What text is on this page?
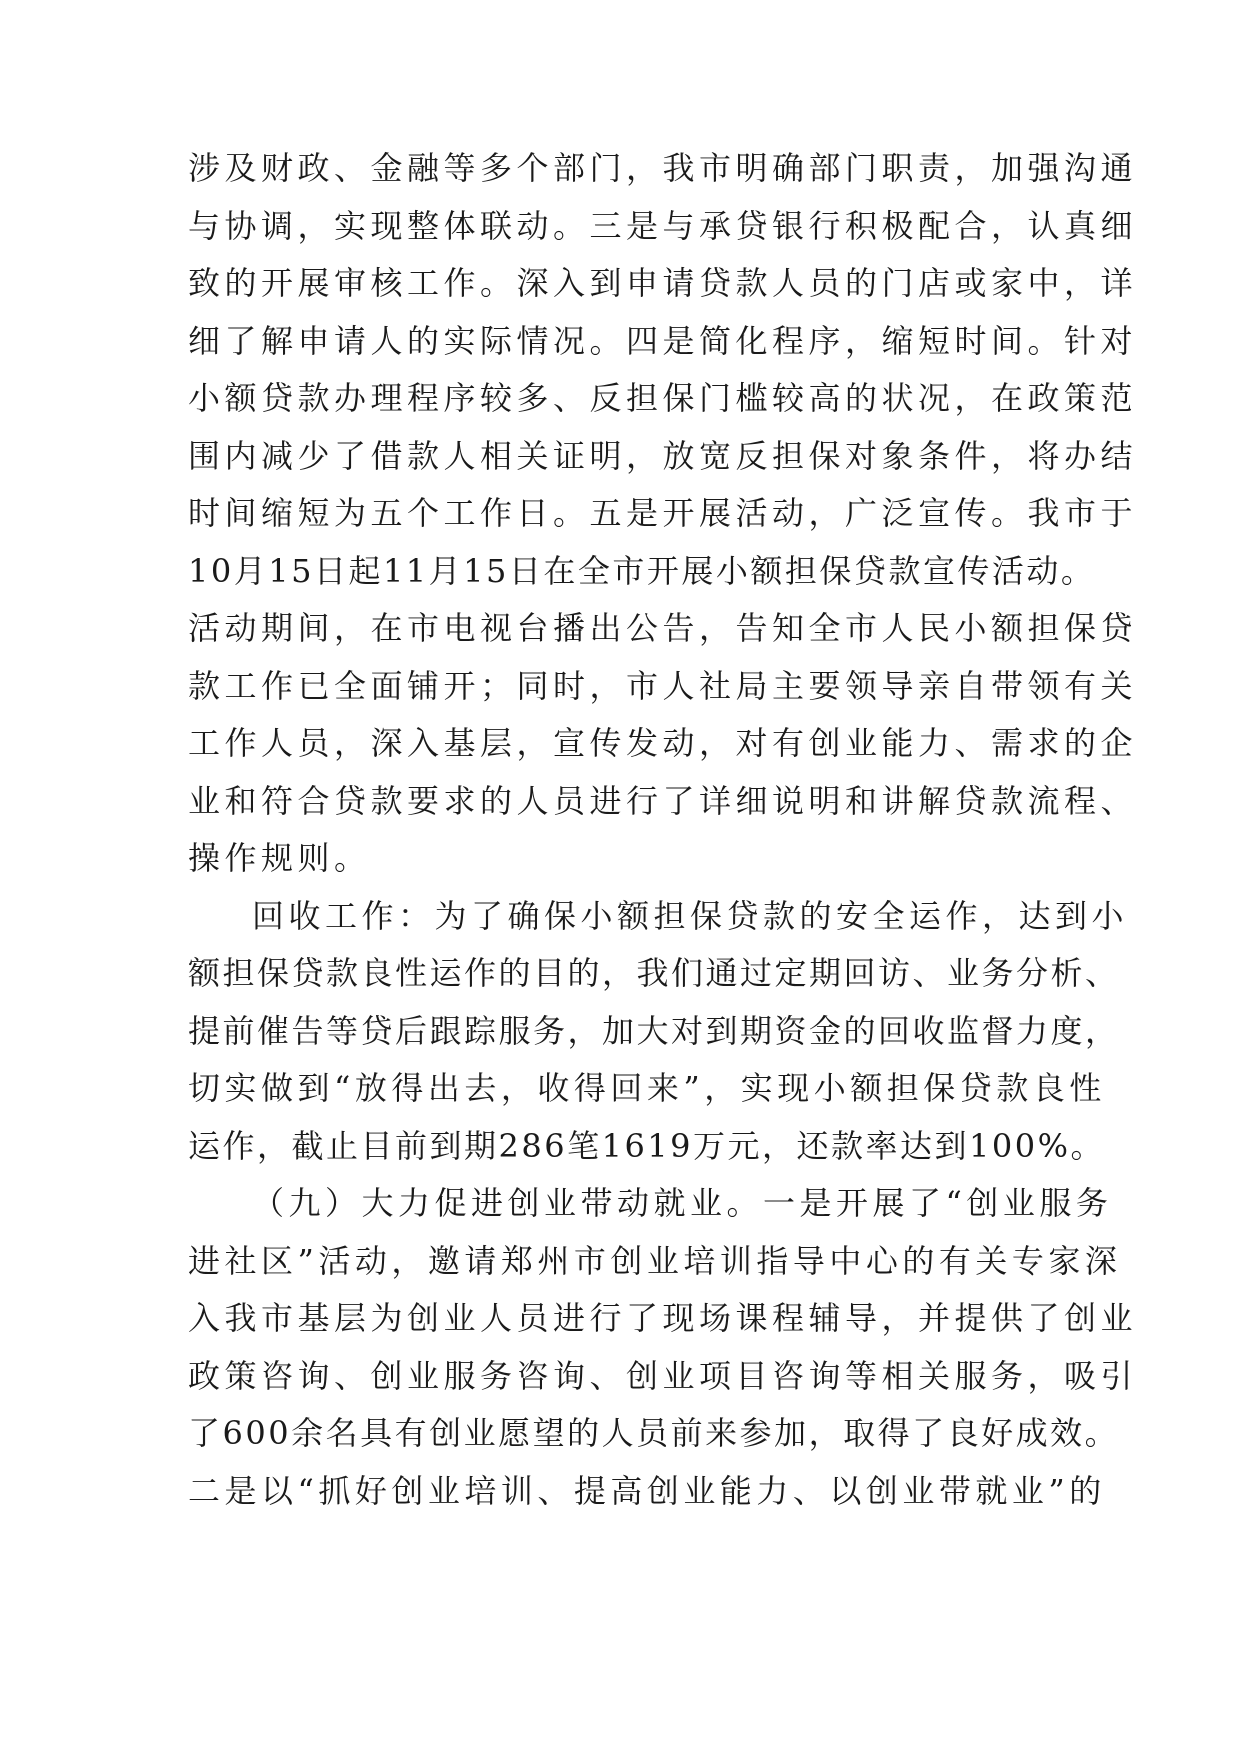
涉及财政、金融等多个部门，我市明确部门职责，加强沟通
与协调，实现整体联动。三是与承贷银行积极配合，认真细
致的开展审核工作。深入到申请贷款人员的门店或家中，详
细了解申请人的实际情况。四是简化程序，缩短时间。针对
小额贷款办理程序较多、反担保门槛较高的状况，在政策范
围内减少了借款人相关证明，放宽反担保对象条件，将办结
时间缩短为五个工作日。五是开展活动，广泛宣传。我市于
10月15日起11月15日在全市开展小额担保贷款宣传活动。
活动期间，在市电视台播出公告，告知全市人民小额担保贷
款工作已全面铺开；同时，市人社局主要领导亲自带领有关
工作人员，深入基层，宣传发动，对有创业能力、需求的企
业和符合贷款要求的人员进行了详细说明和讲解贷款流程、
操作规则。
回收工作：为了确保小额担保贷款的安全运作，达到小
额担保贷款良性运作的目的，我们通过定期回访、业务分析、
提前催告等贷后跟踪服务，加大对到期资金的回收监督力度，
切实做到“放得出去，收得回来”，实现小额担保贷款良性
运作，截止目前到期286笔1619万元，还款率达到100%。
（九）大力促进创业带动就业。一是开展了“创业服务
进社区”活动，邀请郑州市创业培训指导中心的有关专家深
入我市基层为创业人员进行了现场课程辅导，并提供了创业
政策咨询、创业服务咨询、创业项目咨询等相关服务，吸引
了600余名具有创业愿望的人员前来参加，取得了良好成效。
二是以“抓好创业培训、提高创业能力、以创业带就业”的
